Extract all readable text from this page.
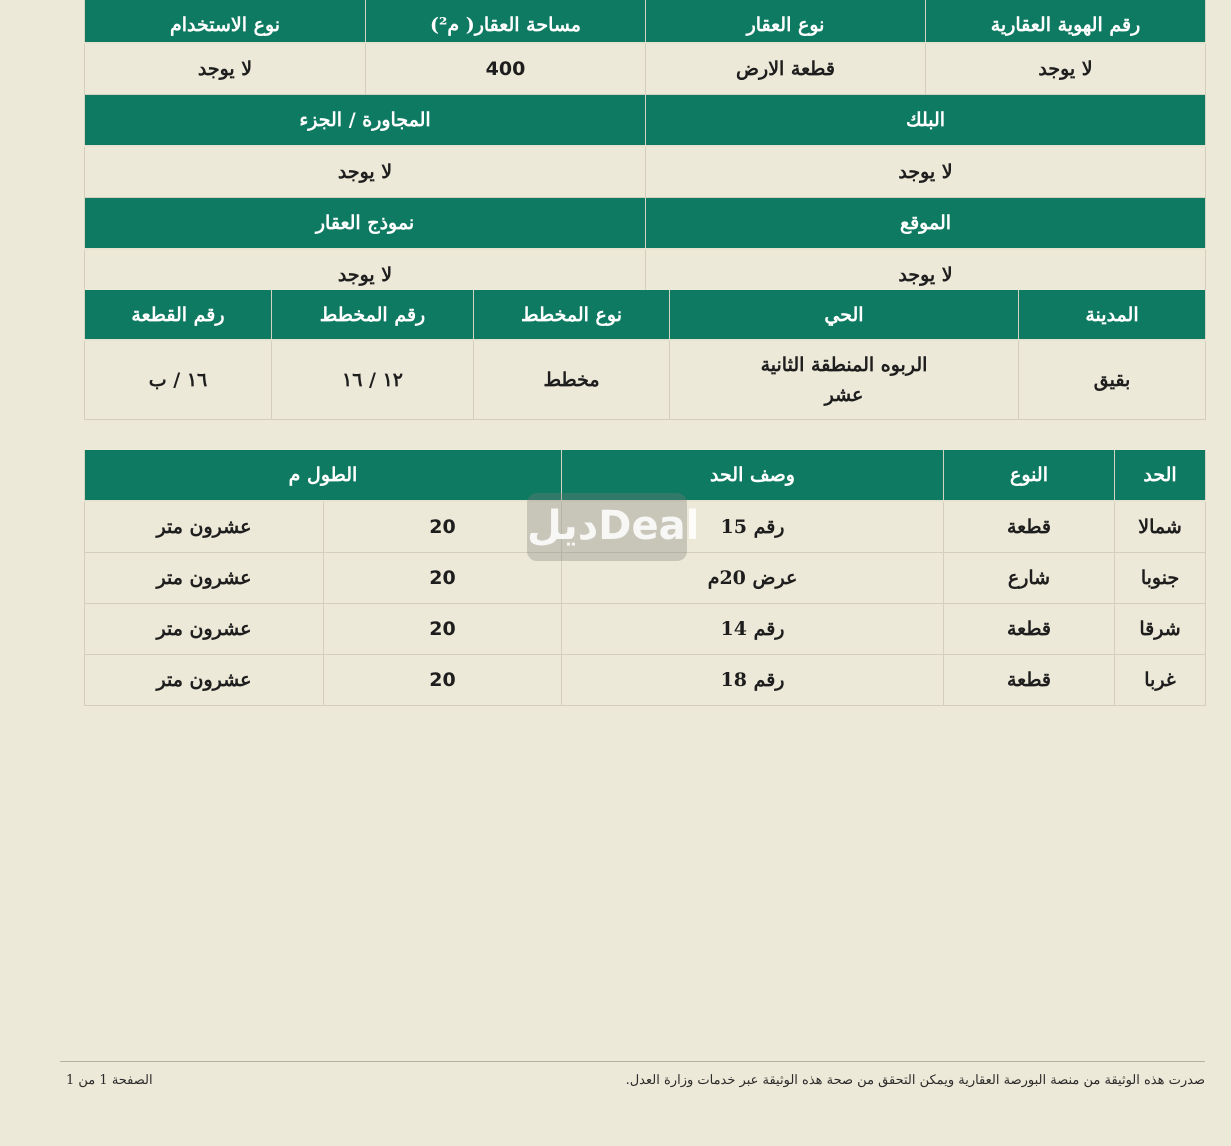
رقم الهوية العقارية	نوع العقار	مساحة العقار( م²)	نوع الاستخدام
لا يوجد	قطعة الارض	400	لا يوجد
البلك		المجاورة / الجزء	
لا يوجد		لا يوجد	
الموقع		نموذج العقار	
لا يوجد		لا يوجد	
المدينة	الحي	نوع المخطط	رقم المخطط	رقم القطعة
بقيق	الربوه المنطقة الثانية عشر	مخطط	١٢ / ١٦	١٦ / ب
الحد	النوع	وصف الحد	الطول م	
شمالا	قطعة	رقم 15	20	عشرون متر
جنوبا	شارع	عرض 20م	20	عشرون متر
شرقا	قطعة	رقم 14	20	عشرون متر
غربا	قطعة	رقم 18	20	عشرون متر
ديلDeal
صدرت هذه الوثيقة من منصة البورصة العقارية ويمكن التحقق من صحة هذه الوثيقة عبر خدمات وزارة العدل.
الصفحة 1 من 1
